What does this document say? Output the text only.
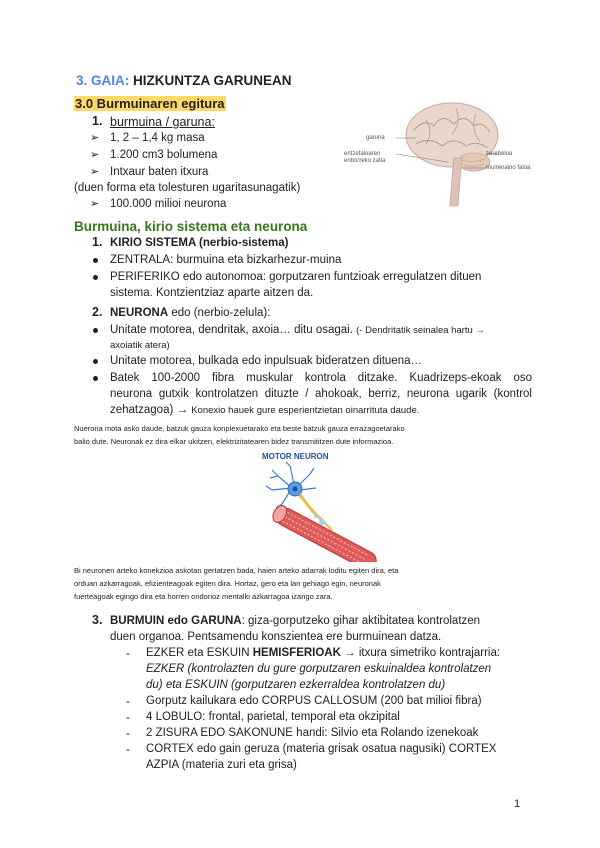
3. GAIA: HIZKUNTZA GARUNEAN
3.0 Burmuinaren egitura
1. burmuina / garuna:
➢ 1, 2 – 1,4 kg masa
➢ 1.200 cm3 bolumena
➢ Intxaur baten itxura
(duen forma eta tolesturen ugaritasunagatik)
➢ 100.000 milioi neurona
garuna
entzefaloaren enborreko zatia
zerebeloa
muineraino faloa
Burmuina, kirio sistema eta neurona
1. KIRIO SISTEMA (nerbio-sistema)
ZENTRALA: burmuina eta bizkarhezur-muina
PERIFERIKO edo autonomoa: gorputzaren funtzioak erregulatzen dituen
sistema. Kontzientziaz aparte aitzen da.
2. NEURONA edo (nerbio-zelula):
Unitate motorea, dendritak, axoia… ditu osagai. (- Dendritatik seinalea hartu →
axoiatik atera)
Unitate motorea, bulkada edo inpulsuak bideratzen dituena…
Batek 100-2000 fibra muskular kontrola ditzake. Kuadrizeps-ekoak oso
neurona gutxik kontrolatzen dituzte / ahokoak, berriz, neurona ugarik (kontrol
zehatzagoa) → Konexio hauek gure esperientzietan oinarrituta daude.
Nuerona mota asko daude, batzuk gauza konplexuetarako eta beste batzuk gauza errazagoetarako
balio dute. Neuronak ez dira elkar ukitzen, elektrizitatearen bidez transmititzen dute informazioa.
MOTOR NEURON
Bi neuronen arteko konekzioa askotan gertatzen bada, haien arteko adarrak loditu egiten dira, eta
orduan azkarragoak, efizienteagoak egiten dira. Hortaz, gero eta lan gehiago egin, neuronak
fuerteagoak egingo dira eta horren ondorioz mentalki azkarragoa izango zara.
3. BURMUIN edo GARUNA: giza-gorputzeko gihar aktibitatea kontrolatzen
duen organoa. Pentsamendu konszientea ere burmuinean datza.
- EZKER eta ESKUIN HEMISFERIOAK → itxura simetriko kontrajarria:
EZKER (kontrolazten du gure gorputzaren eskuinaldea kontrolatzen
du) eta ESKUIN (gorputzaren ezkerraldea kontrolatzen du)
- Gorputz kailukara edo CORPUS CALLOSUM (200 bat milioi fibra)
- 4 LOBULO: frontal, parietal, temporal eta okzipital
- 2 ZISURA EDO SAKONUNE handi: Silvio eta Rolando izenekoak
- CORTEX edo gain geruza (materia grisak osatua nagusiki) CORTEX
AZPIA (materia zuri eta grisa)
1
